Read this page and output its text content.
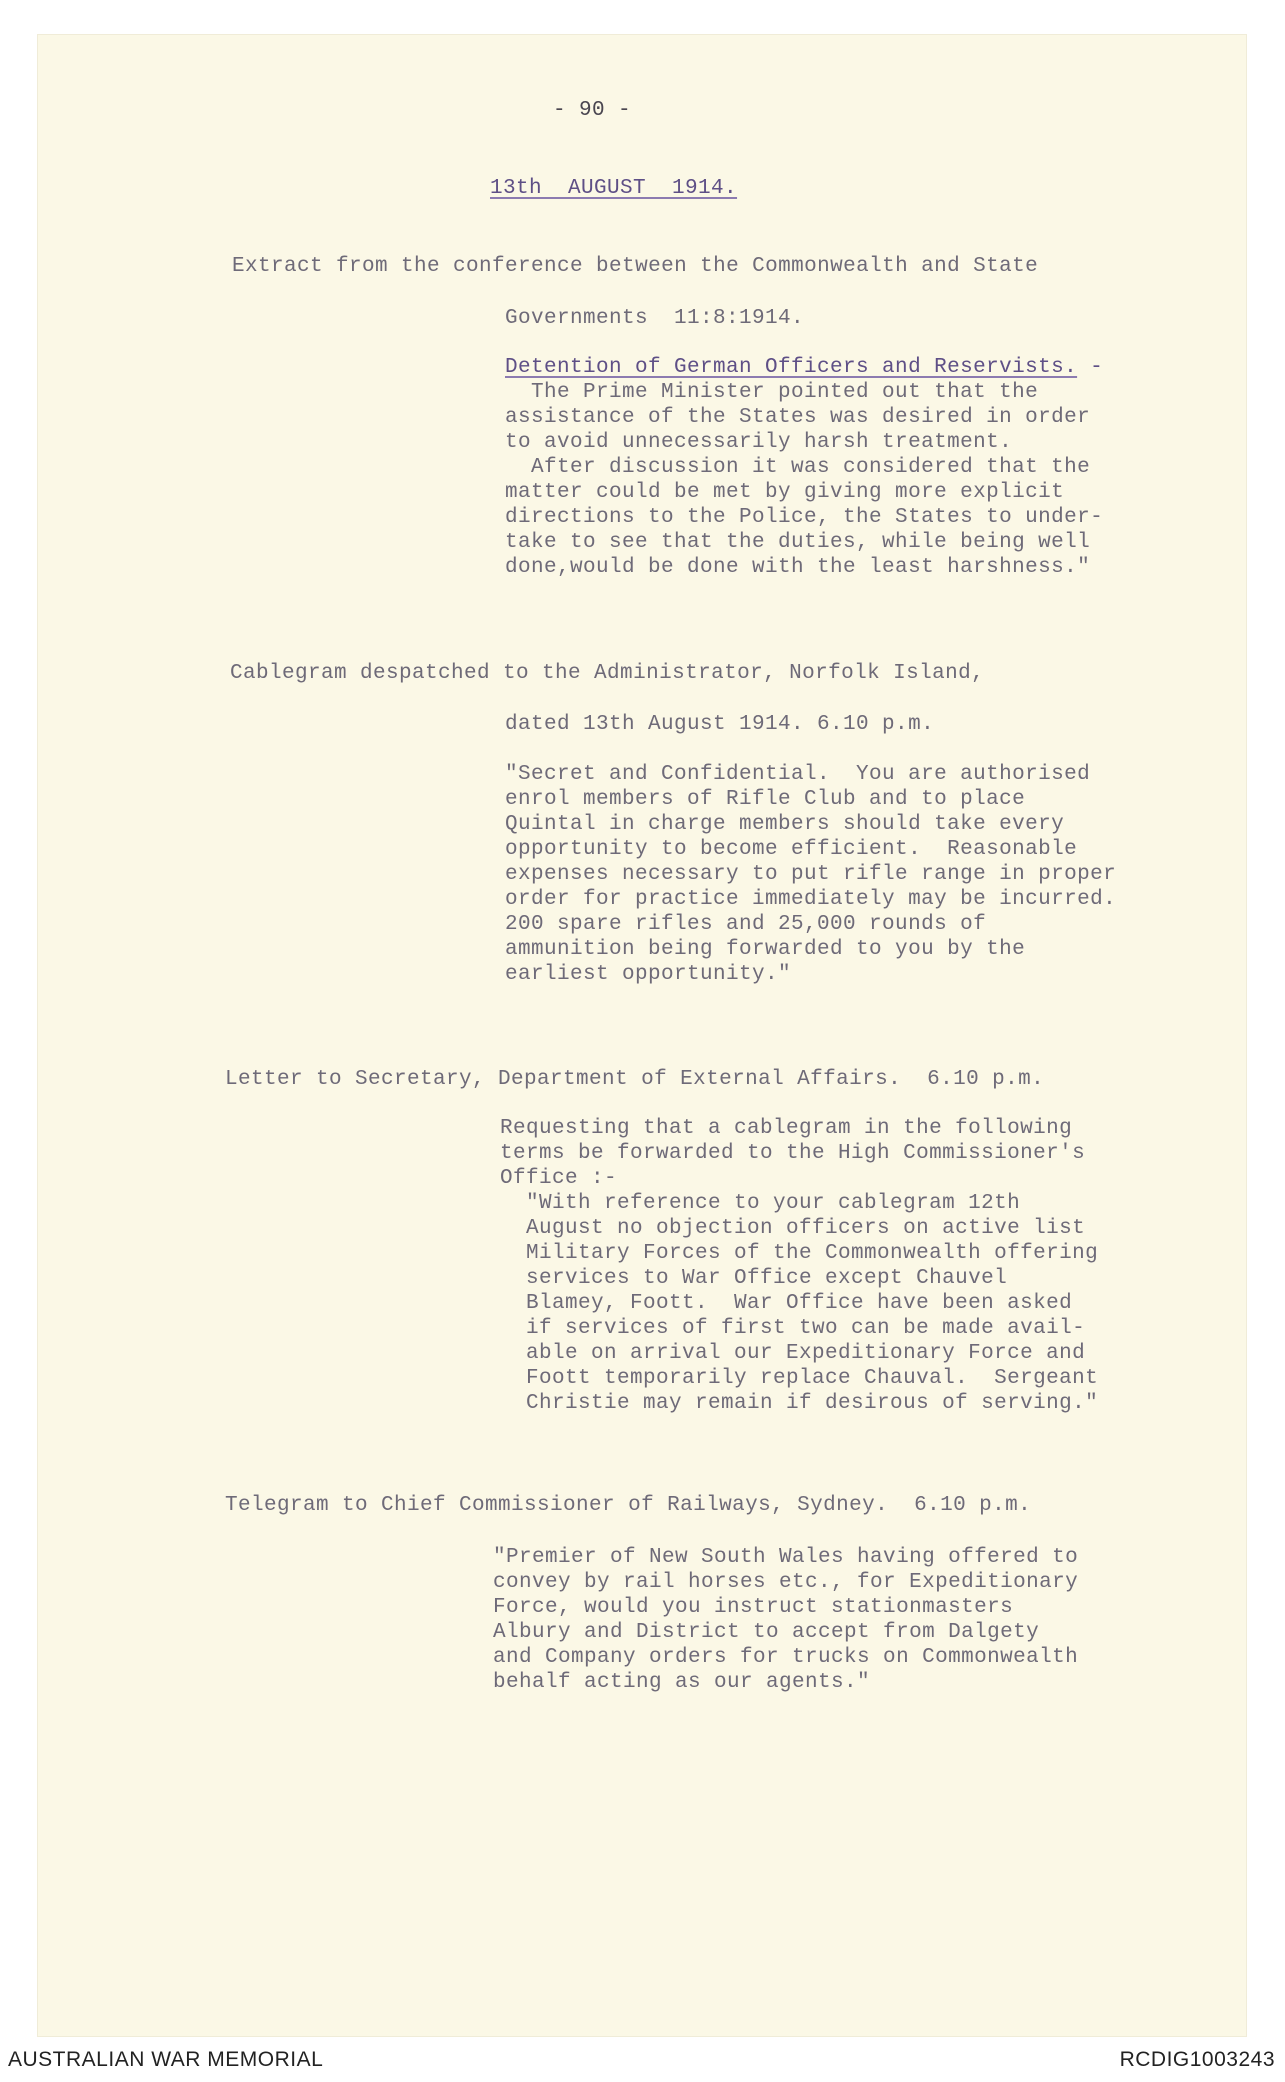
- 90 -
13th  AUGUST  1914.
Extract from the conference between the Commonwealth and State
Governments  11:8:1914.
Detention of German Officers and Reservists. -
The Prime Minister pointed out that the
assistance of the States was desired in order
to avoid unnecessarily harsh treatment.
After discussion it was considered that the
matter could be met by giving more explicit
directions to the Police, the States to under-
take to see that the duties, while being well
done,would be done with the least harshness."
Cablegram despatched to the Administrator, Norfolk Island,
dated 13th August 1914. 6.10 p.m.
"Secret and Confidential.  You are authorised
enrol members of Rifle Club and to place
Quintal in charge members should take every
opportunity to become efficient.  Reasonable
expenses necessary to put rifle range in proper
order for practice immediately may be incurred.
200 spare rifles and 25,000 rounds of
ammunition being forwarded to you by the
earliest opportunity."
Letter to Secretary, Department of External Affairs.  6.10 p.m.
Requesting that a cablegram in the following
terms be forwarded to the High Commissioner's
Office :-
"With reference to your cablegram 12th
August no objection officers on active list
Military Forces of the Commonwealth offering
services to War Office except Chauvel
Blamey, Foott.  War Office have been asked
if services of first two can be made avail-
able on arrival our Expeditionary Force and
Foott temporarily replace Chauval.  Sergeant
Christie may remain if desirous of serving."
Telegram to Chief Commissioner of Railways, Sydney.  6.10 p.m.
"Premier of New South Wales having offered to
convey by rail horses etc., for Expeditionary
Force, would you instruct stationmasters
Albury and District to accept from Dalgety
and Company orders for trucks on Commonwealth
behalf acting as our agents."
AUSTRALIAN WAR MEMORIAL	RCDIG1003243
